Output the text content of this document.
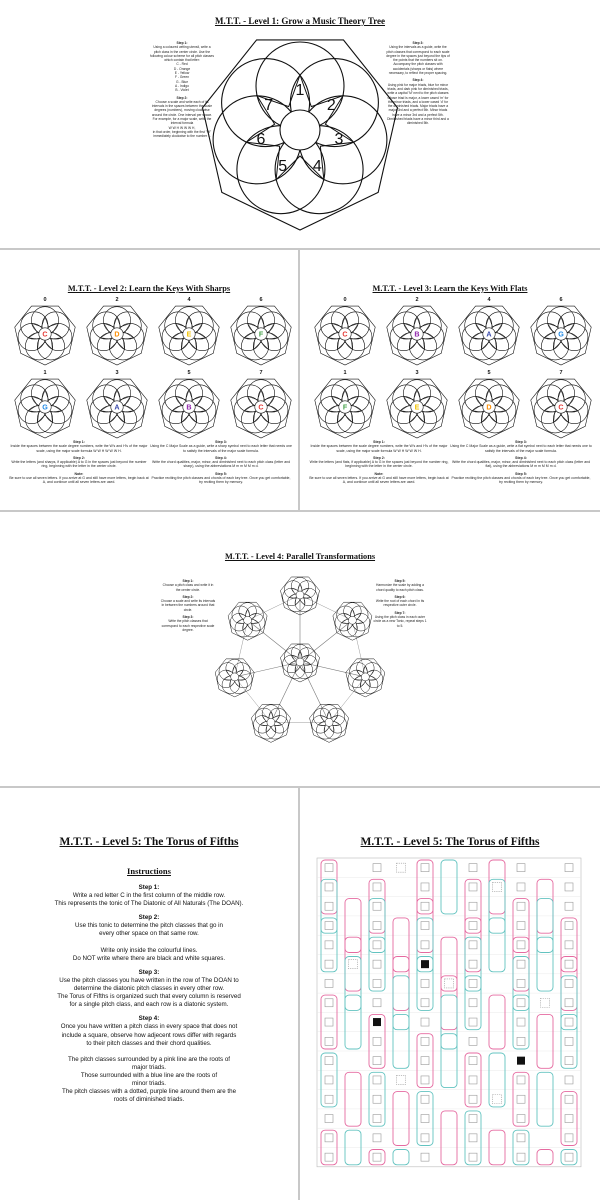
M.T.T. - Level 1: Grow a Music Theory Tree
Step 1:
Using a coloured writing utensil, write a pitch class in the center circle. Use the following colour scheme for all pitch classes which contain that letter:
C - Red
D - Orange
E - Yellow
F - Green
G - Blue
A - Indigo
B - Violet
Step 2:
Choose a scale and write each of its intervals in the spaces between the scale degrees (numbers), moving clockwise around the circle. One interval per space. For example, for a major scale, write the interval formula
W W H W W W H,
in that order, beginning with the first "W" immediately clockwise to the number 1.
Step 3:
Using the intervals as a guide, write the pitch classes that correspond to each scale degree in the spaces just beyond the tips of the points that the numbers sit on. Accompany the pitch classes with accidentals (sharps or flats) where necessary, to reflect the proper spacing.
Step 4:
Using pink for major triads, blue for minor triads, and dark pink for diminished triads, write a capital 'M' next to the pitch classes whose triad is major, a lower cased 'm' for the minor triads, and a lower cased 'd' for the diminished triads. Major triads have a major 3rd and a perfect 5th. Minor triads have a minor 3rd and a perfect 5th. Diminished triads have a minor third and a diminished 5th.
1
2
3
4
5
6
7
M.T.T. - Level 2: Learn the Keys With Sharps
0
C
2
D
4
E
6
F
1
G
3
A
5
B
7
C
Step 1:
Inside the spaces between the scale degree numbers, write the W's and H's of the major scale, using the major scale formula W W H W W W H.
Step 2:
Write the letters (and sharps, if applicable) A to G in the spaces just beyond the number ring, beginning with the letter in the center circle.
Note:
Be sure to use all seven letters. If you arrive at G and still have more letters, begin back at A, and continue until all seven letters are used.
Step 3:
Using the C Major Scale as a guide, write a sharp symbol next to each letter that needs one to satisfy the intervals of the major scale formula.
Step 4:
Write the chord qualities, major, minor, and diminished next to each pitch class (letter and sharp), using the abbreviations M m m M M m d.
Step 5:
Practice reciting the pitch classes and chords of each key tree. Once you get comfortable, try reciting them by memory.
M.T.T. - Level 3: Learn the Keys With Flats
0
C
2
B
4
A
6
G
1
F
3
E
5
D
7
C
Step 1:
Inside the spaces between the scale degree numbers, write the W's and H's of the major scale, using the major scale formula W W H W W W H.
Step 2:
Write the letters (and flats, if applicable) A to G in the spaces just beyond the number ring, beginning with the letter in the center circle.
Note:
Be sure to use all seven letters. If you arrive at G and still have more letters, begin back at A, and continue until all seven letters are used.
Step 3:
Using the C Major Scale as a guide, write a flat symbol next to each letter that needs one to satisfy the intervals of the major scale formula.
Step 4:
Write the chord qualities, major, minor, and diminished next to each pitch class (letter and flat), using the abbreviations M m m M M m d.
Step 5:
Practice reciting the pitch classes and chords of each key tree. Once you get comfortable, try reciting them by memory.
M.T.T. - Level 4: Parallel Transformations
Step 1:
Choose a pitch class and write it in the center circle.
Step 2:
Choose a scale and write its intervals in between the numbers around that circle.
Step 3:
Write the pitch classes that correspond to each respective scale degree.
Step 5:
Harmonize the scale by adding a chord quality to each pitch class.
Step 6:
Write the root of each chord in its respective outer circle.
Step 7:
Using the pitch class in each outer circle as a new Tonic, repeat steps 1 to 5.
M.T.T. - Level 5: The Torus of Fifths
Instructions
Step 1:

Write a red letter C in the first column of the middle row.

This represents the tonic of The Diatonic of All Naturals (The DOAN).

Step 2:

Use this tonic to determine the pitch classes that go in

every other space on that same row.

Write only inside the colourful lines.

Do NOT write where there are black and white squares.

Step 3:

Use the pitch classes you have written in the row of The DOAN to

determine the diatonic pitch classes in every other row.

The Torus of Fifths is organized such that every column is reserved

for a single pitch class, and each row is a diatonic system.

Step 4:

Once you have written a pitch class in every space that does not

include a square, observe how adjecent rows differ with regards

to their pitch classes and their chord qualities.

The pitch classes surrounded by a pink line are the roots of

major triads.

Those surrounded with a blue line are the roots of

minor triads.

The pitch classes with a dotted, purple line around them are the

roots of diminished triads.

M.T.T. - Level 5: The Torus of Fifths
